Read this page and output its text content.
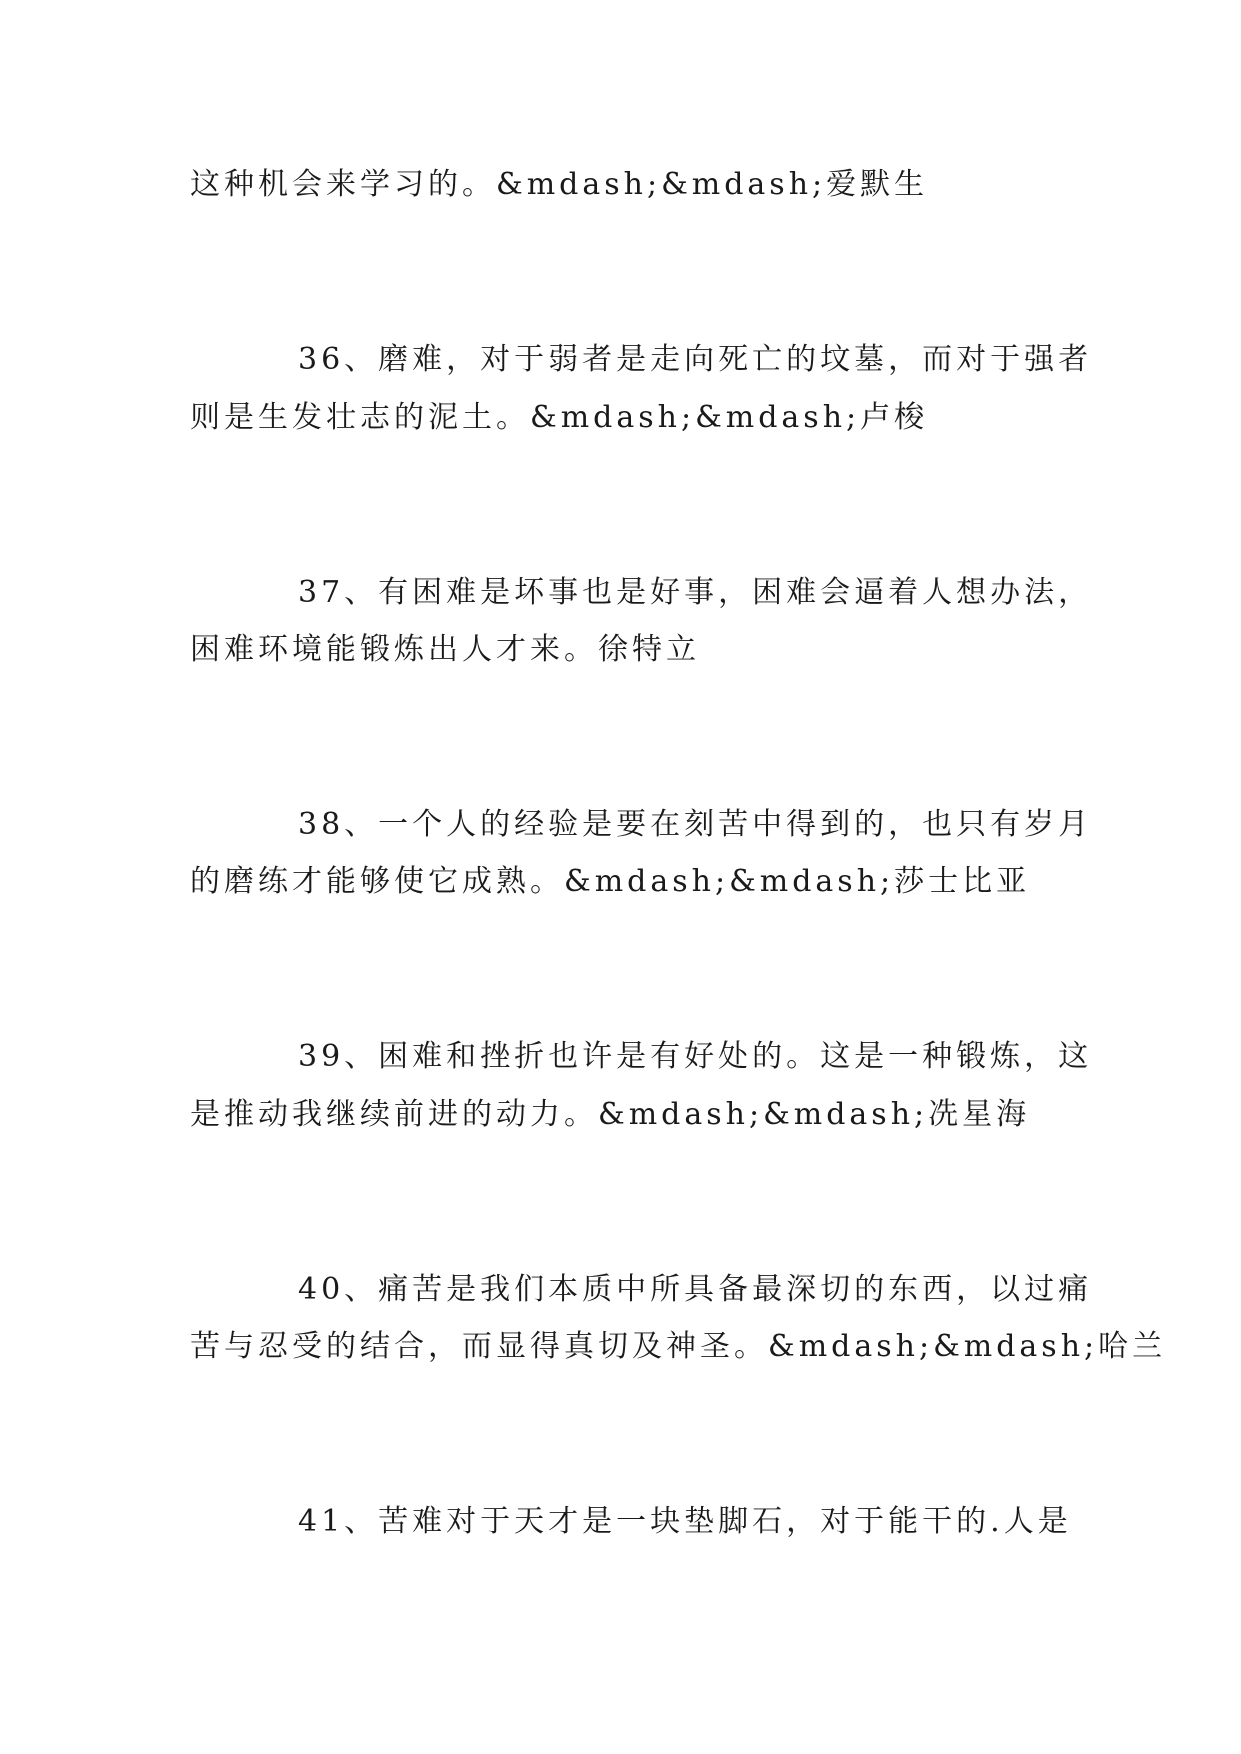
这种机会来学习的。&mdash;&mdash;爱默生
36、磨难，对于弱者是走向死亡的坟墓，而对于强者
则是生发壮志的泥土。&mdash;&mdash;卢梭
37、有困难是坏事也是好事，困难会逼着人想办法，
困难环境能锻炼出人才来。徐特立
38、一个人的经验是要在刻苦中得到的，也只有岁月
的磨练才能够使它成熟。&mdash;&mdash;莎士比亚
39、困难和挫折也许是有好处的。这是一种锻炼，这
是推动我继续前进的动力。&mdash;&mdash;冼星海
40、痛苦是我们本质中所具备最深切的东西，以过痛
苦与忍受的结合，而显得真切及神圣。&mdash;&mdash;哈兰
41、苦难对于天才是一块垫脚石，对于能干的.人是
